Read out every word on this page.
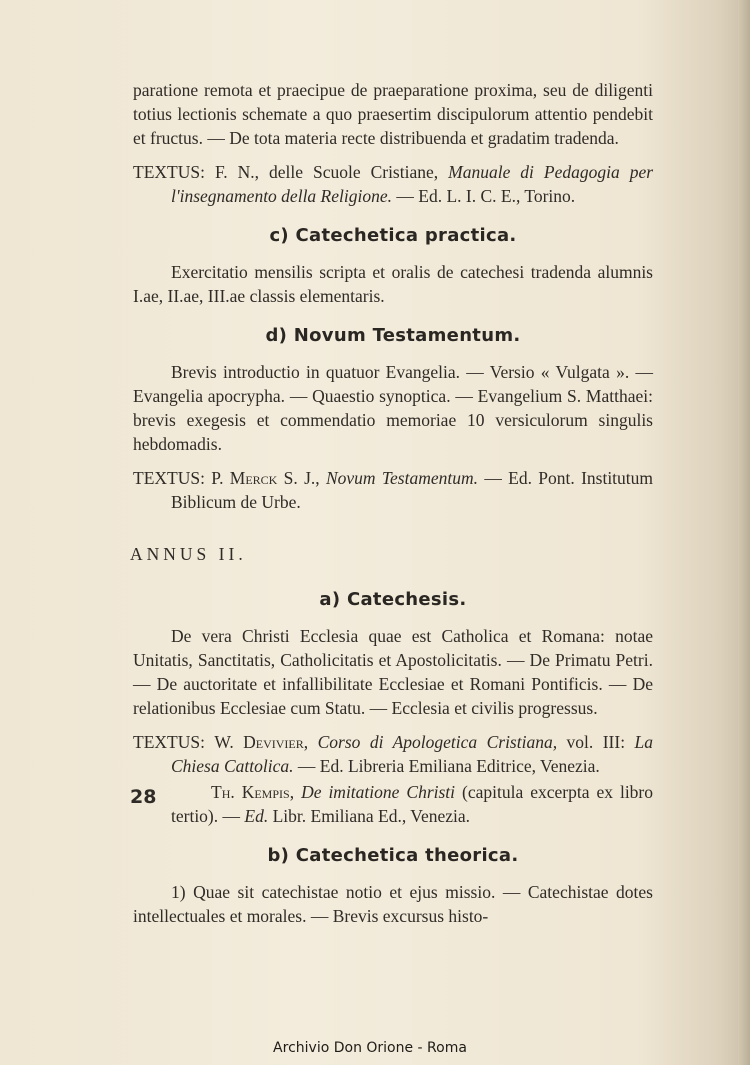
paratione remota et praecipue de praeparatione proxima, seu de diligenti totius lectionis schemate a quo praesertim discipulorum attentio pendebit et fructus. — De tota materia recte distribuenda et gradatim tradenda.

TEXTUS: F. N., delle Scuole Cristiane, Manuale di Pedagogia per l'insegnamento della Religione. — Ed. L. I. C. E., Torino.

c) Catechetica practica.

Exercitatio mensilis scripta et oralis de catechesi tradenda alumnis I.ae, II.ae, III.ae classis elementaris.

d) Novum Testamentum.

Brevis introductio in quatuor Evangelia. — Versio « Vulgata ». — Evangelia apocrypha. — Quaestio synoptica. — Evangelium S. Matthaei: brevis exegesis et commendatio memoriae 10 versiculorum singulis hebdomadis.

TEXTUS: P. Merck S. J., Novum Testamentum. — Ed. Pont. Institutum Biblicum de Urbe.

ANNUS II.

a) Catechesis.

De vera Christi Ecclesia quae est Catholica et Romana: notae Unitatis, Sanctitatis, Catholicitatis et Apostolicitatis. — De Primatu Petri. — De auctoritate et infallibilitate Ecclesiae et Romani Pontificis. — De relationibus Ecclesiae cum Statu. — Ecclesia et civilis progressus.

TEXTUS: W. Devivier, Corso di Apologetica Cristiana, vol. III: La Chiesa Cattolica. — Ed. Libreria Emiliana Editrice, Venezia.

Th. Kempis, De imitatione Christi (capitula excerpta ex libro tertio). — Ed. Libr. Emiliana Ed., Venezia.

b) Catechetica theorica.

1) Quae sit catechistae notio et ejus missio. — Catechistae dotes intellectuales et morales. — Brevis excursus histo-

28
Archivio Don Orione - Roma
